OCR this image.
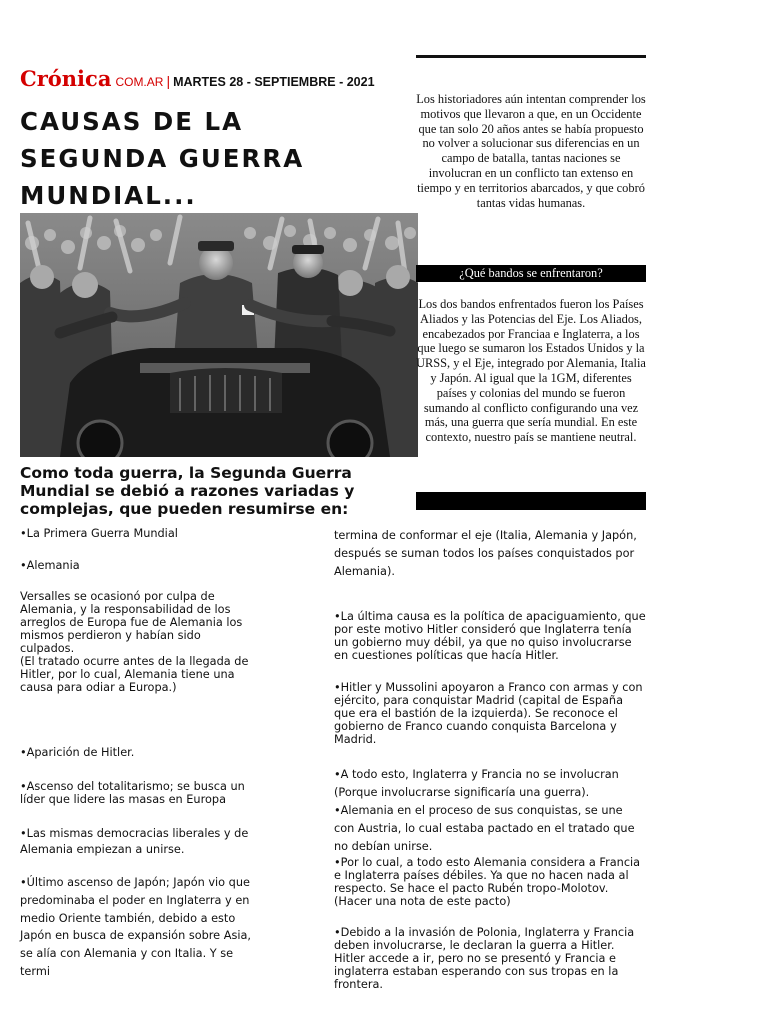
Crónica COM.AR | MARTES 28 - SEPTIEMBRE - 2021
CAUSAS DE LA
SEGUNDA GUERRA
MUNDIAL...
Como toda guerra, la Segunda Guerra Mundial se debió a razones variadas y complejas, que pueden resumirse en:
Los historiadores aún intentan comprender los motivos que llevaron a que, en un Occidente que tan solo 20 años antes se había propuesto no volver a solucionar sus diferencias en un campo de batalla, tantas naciones se involucran en un conflicto tan extenso en tiempo y en territorios abarcados, y que cobró tantas vidas humanas.
¿Qué bandos se enfrentaron?
Los dos bandos enfrentados fueron los Países Aliados y las Potencias del Eje. Los Aliados, encabezados por Franciaa e Inglaterra, a los que luego se sumaron los Estados Unidos y la URSS, y el Eje, integrado por Alemania, Italia y Japón. Al igual que la 1GM, diferentes países y colonias del mundo se fueron sumando al conflicto configurando una vez más, una guerra que sería mundial. En este contexto, nuestro país se mantiene neutral.

•La Primera Guerra Mundial

•Alemania

Versalles se ocasionó por culpa de Alemania, y la responsabilidad de los arreglos de Europa fue de Alemania los mismos perdieron y habían sido culpados.

(El tratado ocurre antes de la llegada de Hitler, por lo cual, Alemania tiene una causa para odiar a Europa.)

•Aparición de Hitler.

•Ascenso del totalitarismo; se busca un líder que lidere las masas en Europa

•Las mismas democracias liberales y de Alemania empiezan a unirse.

•Último ascenso de Japón; Japón vio que predominaba el poder en Inglaterra y en medio Oriente también, debido a esto Japón en busca de expansión sobre Asia, se alía con Alemania y con Italia. Y se termi

termina de conformar el eje (Italia, Alemania y Japón, después se suman todos los países conquistados por Alemania).

•La última causa es la política de apaciguamiento, que por este motivo Hitler consideró que Inglaterra tenía un gobierno muy débil, ya que no quiso involucrarse en cuestiones políticas que hacía Hitler.

•Hitler y Mussolini apoyaron a Franco con armas y con ejército, para conquistar Madrid (capital de España que era el bastión de la izquierda). Se reconoce el gobierno de Franco cuando conquista Barcelona y Madrid.

•A todo esto, Inglaterra y Francia no se involucran

(Porque involucrarse significaría una guerra).

•Alemania en el proceso de sus conquistas, se une con Austria, lo cual estaba pactado en el tratado que no debían unirse.

•Por lo cual, a todo esto Alemania considera a Francia e Inglaterra países débiles. Ya que no hacen nada al respecto. Se hace el pacto Rubén tropo-Molotov. (Hacer una nota de este pacto)

•Debido a la invasión de Polonia, Inglaterra y Francia deben involucrarse, le declaran la guerra a Hitler. Hitler accede a ir, pero no se presentó y Francia e inglaterra estaban esperando con sus tropas en la frontera.
